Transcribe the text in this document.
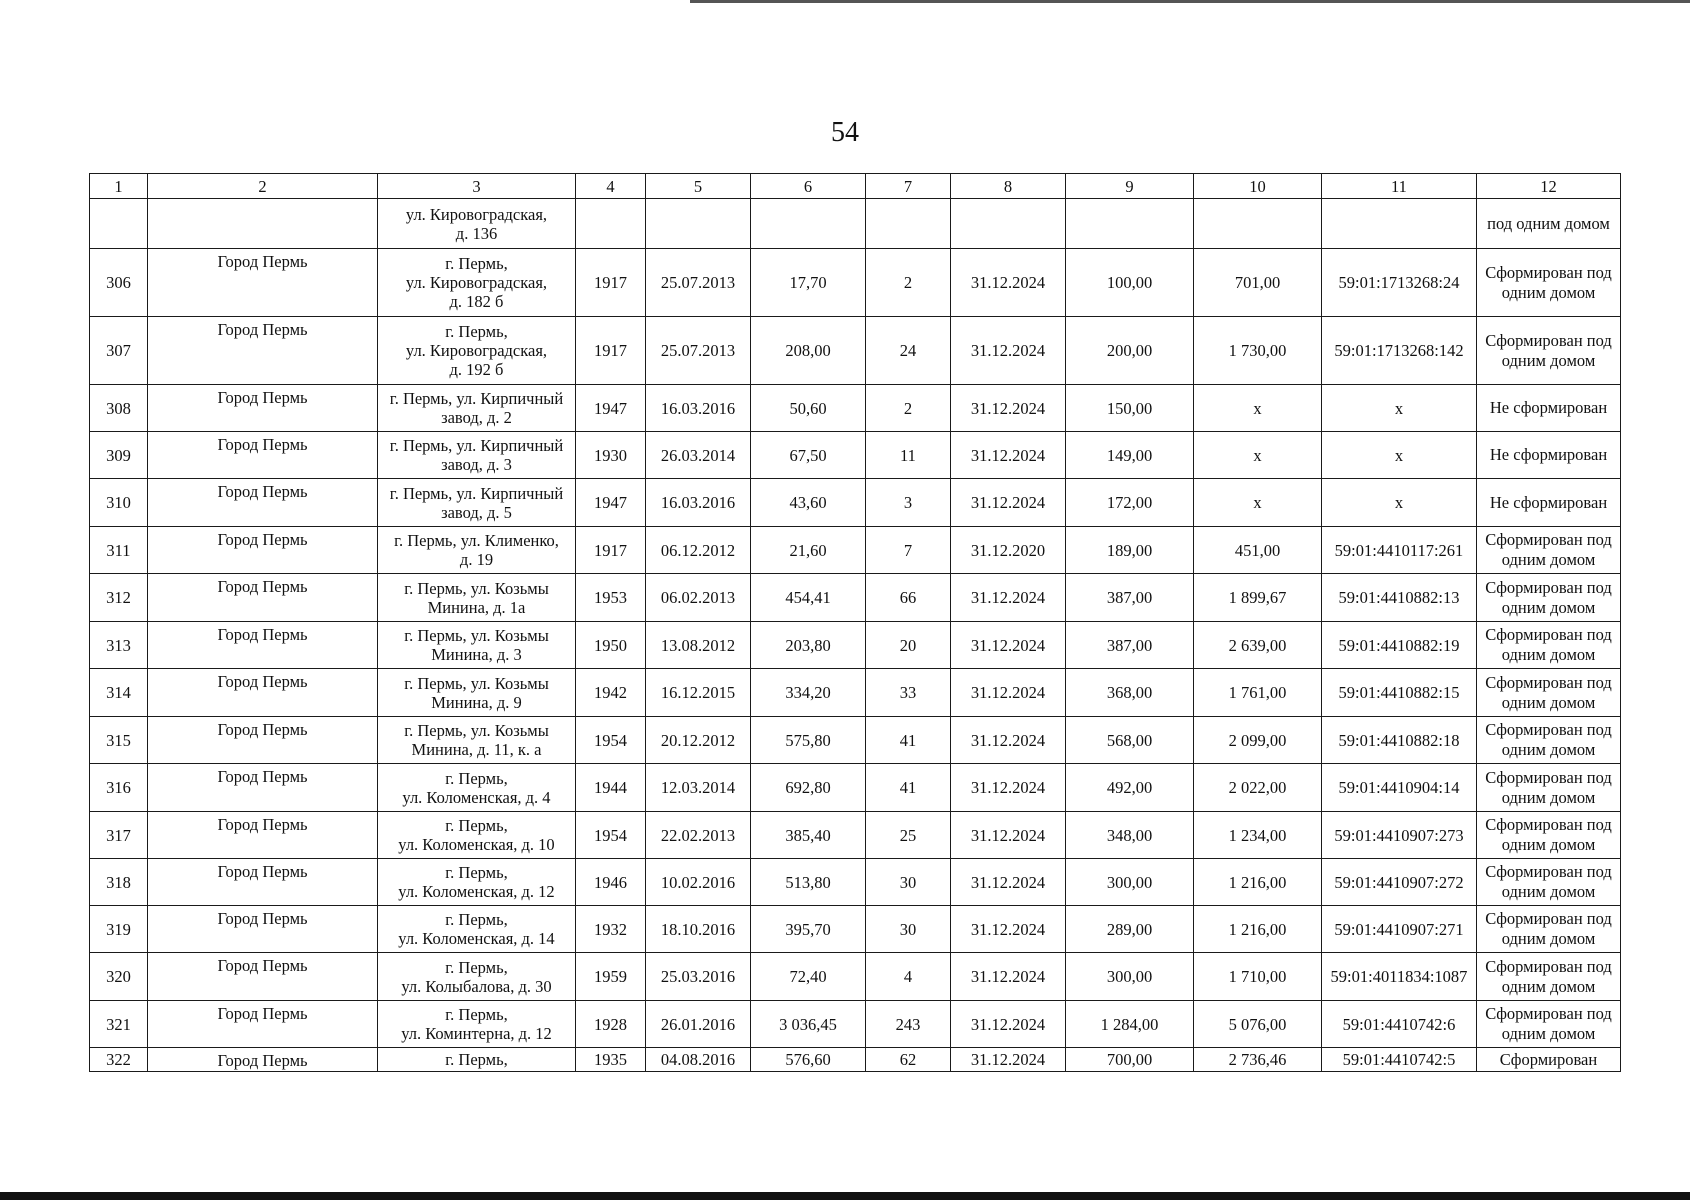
54
1	2	3	4	5	6	7	8	9	10	11	12

		ул. Кировоградская,
д. 136									под одним домом
306	Город Пермь	г. Пермь,
ул. Кировоградская,
д. 182 б	1917	25.07.2013	17,70	2	31.12.2024	100,00	701,00	59:01:1713268:24	Сформирован под одним домом
307	Город Пермь	г. Пермь,
ул. Кировоградская,
д. 192 б	1917	25.07.2013	208,00	24	31.12.2024	200,00	1 730,00	59:01:1713268:142	Сформирован под одним домом
308	Город Пермь	г. Пермь, ул. Кирпичный
завод, д. 2	1947	16.03.2016	50,60	2	31.12.2024	150,00	х	х	Не сформирован
309	Город Пермь	г. Пермь, ул. Кирпичный
завод, д. 3	1930	26.03.2014	67,50	11	31.12.2024	149,00	х	х	Не сформирован
310	Город Пермь	г. Пермь, ул. Кирпичный
завод, д. 5	1947	16.03.2016	43,60	3	31.12.2024	172,00	х	х	Не сформирован
311	Город Пермь	г. Пермь, ул. Клименко,
д. 19	1917	06.12.2012	21,60	7	31.12.2020	189,00	451,00	59:01:4410117:261	Сформирован под одним домом
312	Город Пермь	г. Пермь, ул. Козьмы
Минина, д. 1а	1953	06.02.2013	454,41	66	31.12.2024	387,00	1 899,67	59:01:4410882:13	Сформирован под одним домом
313	Город Пермь	г. Пермь, ул. Козьмы
Минина, д. 3	1950	13.08.2012	203,80	20	31.12.2024	387,00	2 639,00	59:01:4410882:19	Сформирован под одним домом
314	Город Пермь	г. Пермь, ул. Козьмы
Минина, д. 9	1942	16.12.2015	334,20	33	31.12.2024	368,00	1 761,00	59:01:4410882:15	Сформирован под одним домом
315	Город Пермь	г. Пермь, ул. Козьмы
Минина, д. 11, к. а	1954	20.12.2012	575,80	41	31.12.2024	568,00	2 099,00	59:01:4410882:18	Сформирован под одним домом
316	Город Пермь	г. Пермь,
ул. Коломенская, д. 4	1944	12.03.2014	692,80	41	31.12.2024	492,00	2 022,00	59:01:4410904:14	Сформирован под одним домом
317	Город Пермь	г. Пермь,
ул. Коломенская, д. 10	1954	22.02.2013	385,40	25	31.12.2024	348,00	1 234,00	59:01:4410907:273	Сформирован под одним домом
318	Город Пермь	г. Пермь,
ул. Коломенская, д. 12	1946	10.02.2016	513,80	30	31.12.2024	300,00	1 216,00	59:01:4410907:272	Сформирован под одним домом
319	Город Пермь	г. Пермь,
ул. Коломенская, д. 14	1932	18.10.2016	395,70	30	31.12.2024	289,00	1 216,00	59:01:4410907:271	Сформирован под одним домом
320	Город Пермь	г. Пермь,
ул. Колыбалова, д. 30	1959	25.03.2016	72,40	4	31.12.2024	300,00	1 710,00	59:01:4011834:1087	Сформирован под одним домом
321	Город Пермь	г. Пермь,
ул. Коминтерна, д. 12	1928	26.01.2016	3 036,45	243	31.12.2024	1 284,00	5 076,00	59:01:4410742:6	Сформирован под одним домом
322	Город Пермь	г. Пермь,	1935	04.08.2016	576,60	62	31.12.2024	700,00	2 736,46	59:01:4410742:5	Сформирован
